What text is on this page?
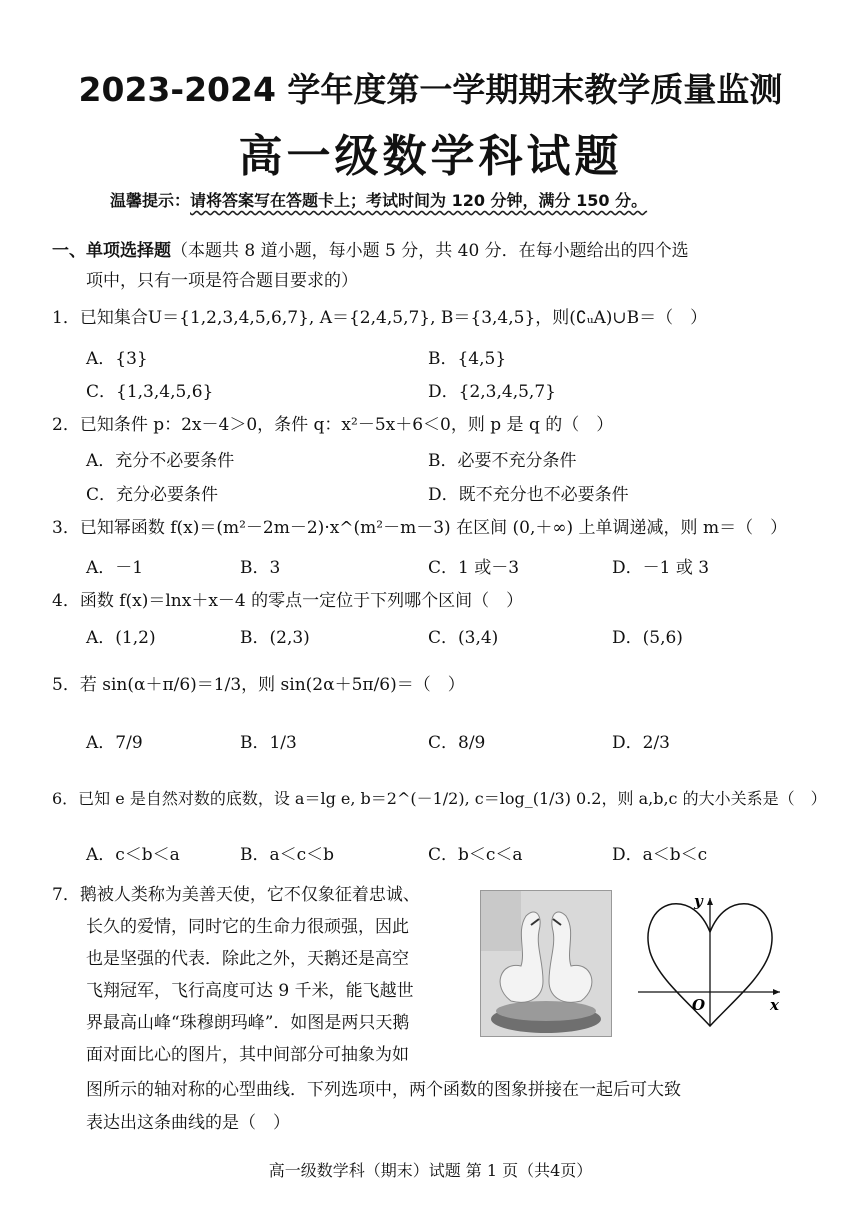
2023-2024 学年度第一学期期末教学质量监测
高一级数学科试题
温馨提示：请将答案写在答题卡上；考试时间为 120 分钟，满分 150 分。
一、单项选择题（本题共 8 道小题，每小题 5 分，共 40 分．在每小题给出的四个选
项中，只有一项是符合题目要求的）
1．已知集合U＝{1,2,3,4,5,6,7}, A＝{2,4,5,7}, B＝{3,4,5}，则(∁ᵤA)∪B＝（　）
A．{3}	B．{4,5}
C．{1,3,4,5,6}	D．{2,3,4,5,7}
2．已知条件 p：2x－4＞0，条件 q：x²－5x＋6＜0，则 p 是 q 的（　）
A．充分不必要条件	B．必要不充分条件
C．充分必要条件	D．既不充分也不必要条件
3．已知幂函数 f(x)＝(m²－2m－2)·x^(m²－m－3) 在区间 (0,＋∞) 上单调递减，则 m＝（　）
A．－1	B．3	C．1 或－3	D．－1 或 3
4．函数 f(x)＝lnx＋x－4 的零点一定位于下列哪个区间（　）
A．(1,2)	B．(2,3)	C．(3,4)	D．(5,6)
5．若 sin(α＋π/6)＝1/3，则 sin(2α＋5π/6)＝（　）
A．7/9	B．1/3	C．8/9	D．2/3
6．已知 e 是自然对数的底数，设 a＝lg e, b＝2^(－1/2), c＝log_(1/3) 0.2，则 a,b,c 的大小关系是（　）
A．c＜b＜a	B．a＜c＜b	C．b＜c＜a	D．a＜b＜c
7．鹅被人类称为美善天使，它不仅象征着忠诚、
长久的爱情，同时它的生命力很顽强，因此
也是坚强的代表．除此之外，天鹅还是高空
飞翔冠军，飞行高度可达 9 千米，能飞越世
界最高山峰“珠穆朗玛峰”．如图是两只天鹅
面对面比心的图片，其中间部分可抽象为如
图所示的轴对称的心型曲线．下列选项中，两个函数的图象拼接在一起后可大致
表达出这条曲线的是（　）
y
x
O
高一级数学科（期末）试题 第 1 页（共4页）
